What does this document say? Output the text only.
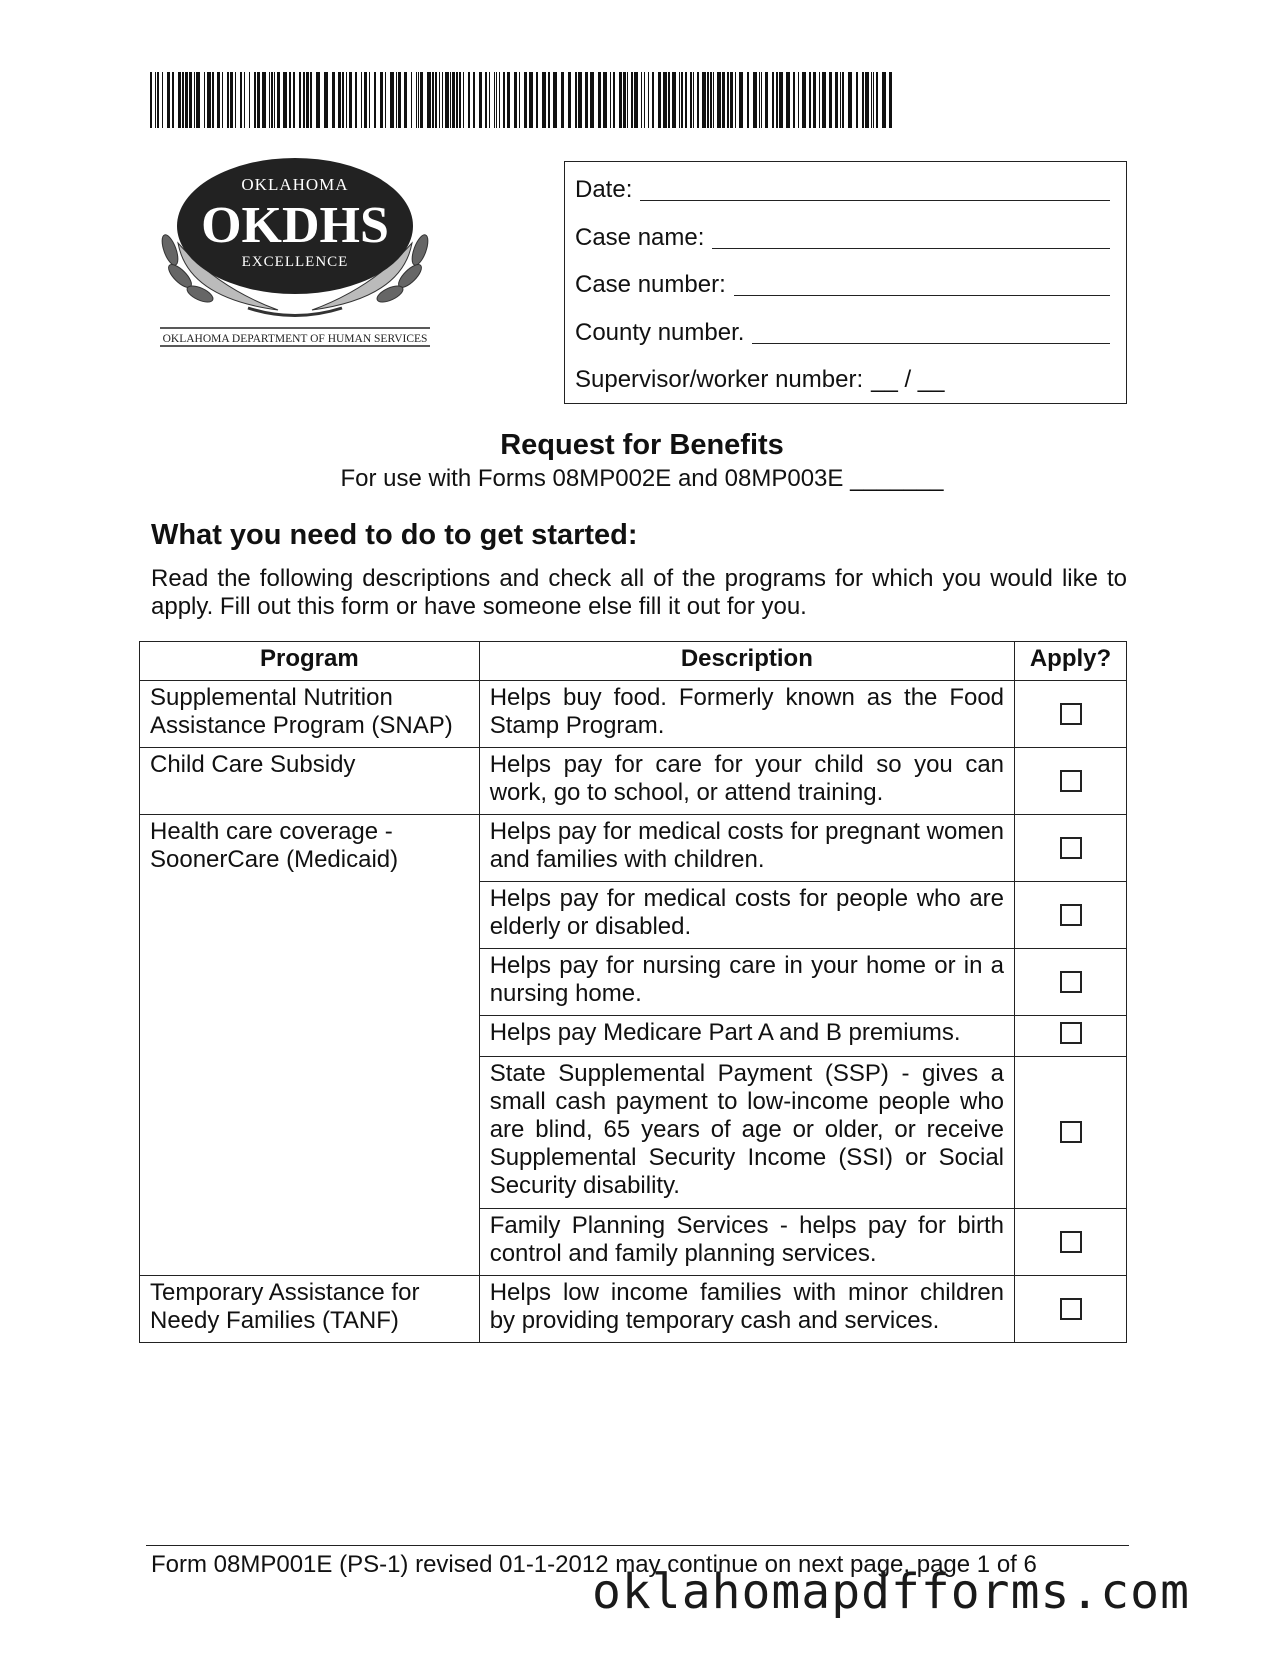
OKLAHOMA
OKDHS
EXCELLENCE
OKLAHOMA DEPARTMENT OF HUMAN SERVICES
Date:
Case name:
Case number:
County number.
Supervisor/worker number: __ / __
Request for Benefits
For use with Forms 08MP002E and 08MP003E _______
What you need to do to get started:
Read the following descriptions and check all of the programs for which you would like to apply. Fill out this form or have someone else fill it out for you.
Program	Description	Apply?
Supplemental Nutrition Assistance Program (SNAP)	Helps buy food. Formerly known as the Food Stamp Program.	
Child Care Subsidy	Helps pay for care for your child so you can work, go to school, or attend training.	
Health care coverage - SoonerCare (Medicaid)	Helps pay for medical costs for pregnant women and families with children.	
	Helps pay for medical costs for people who are elderly or disabled.	
	Helps pay for nursing care in your home or in a nursing home.	
	Helps pay Medicare Part A and B premiums.	
	State Supplemental Payment (SSP) - gives a small cash payment to low-income people who are blind, 65 years of age or older, or receive Supplemental Security Income (SSI) or Social Security disability.	
	Family Planning Services - helps pay for birth control and family planning services.	
Temporary Assistance for Needy Families (TANF)	Helps low income families with minor children by providing temporary cash and services.	
Form 08MP001E (PS-1) revised 01-1-2012 may continue on next page, page 1 of 6
oklahomapdfforms.com
